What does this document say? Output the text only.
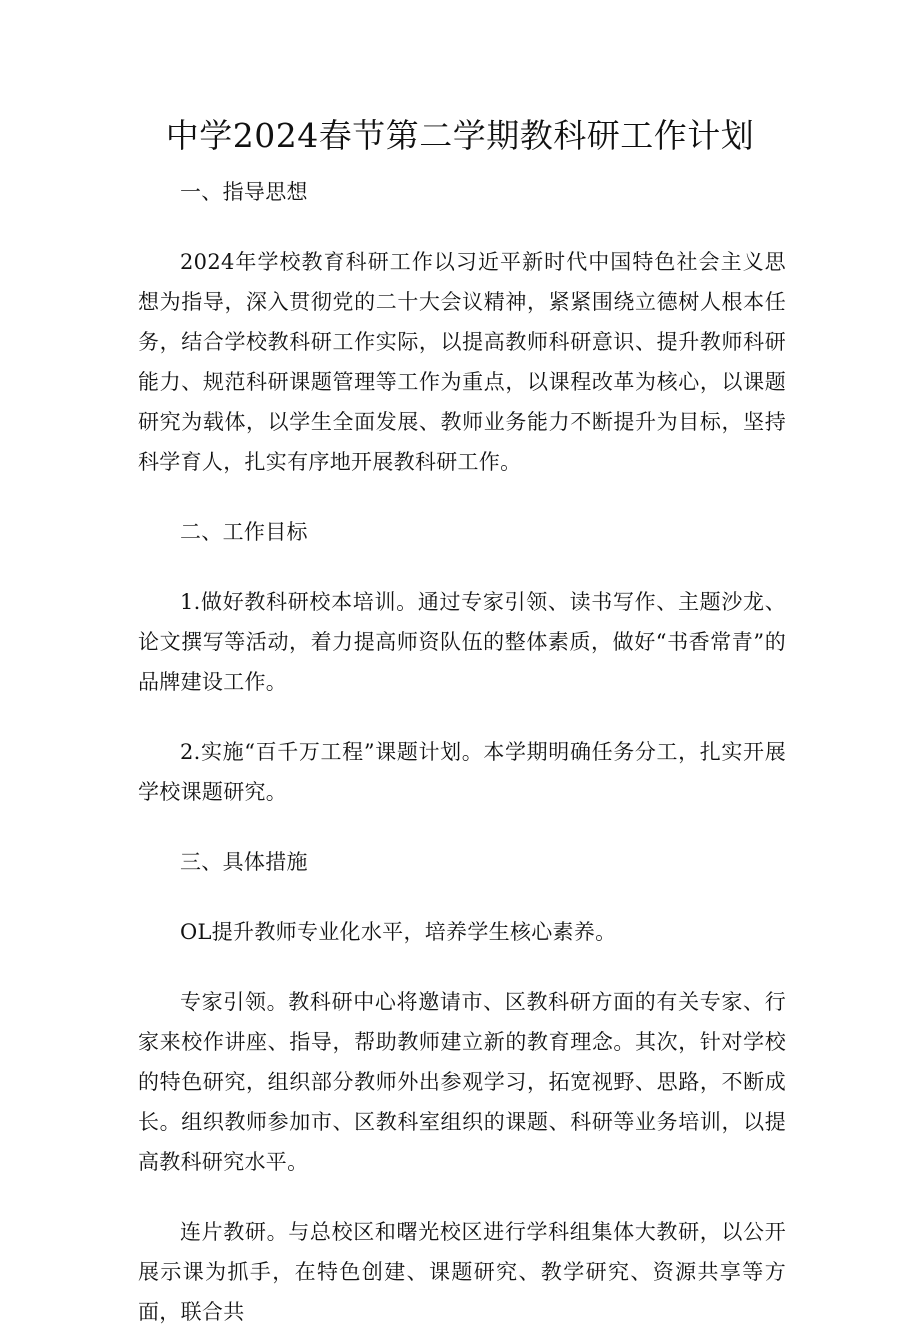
中学2024春节第二学期教科研工作计划

一、指导思想

2024年学校教育科研工作以习近平新时代中国特色社会主义思想为指导，深入贯彻党的二十大会议精神，紧紧围绕立德树人根本任务，结合学校教科研工作实际，以提高教师科研意识、提升教师科研能力、规范科研课题管理等工作为重点，以课程改革为核心，以课题研究为载体，以学生全面发展、教师业务能力不断提升为目标，坚持科学育人，扎实有序地开展教科研工作。

二、工作目标

1.做好教科研校本培训。通过专家引领、读书写作、主题沙龙、论文撰写等活动，着力提高师资队伍的整体素质，做好“书香常青”的品牌建设工作。

2.实施“百千万工程”课题计划。本学期明确任务分工，扎实开展学校课题研究。

三、具体措施

OL提升教师专业化水平，培养学生核心素养。

专家引领。教科研中心将邀请市、区教科研方面的有关专家、行家来校作讲座、指导，帮助教师建立新的教育理念。其次，针对学校的特色研究，组织部分教师外出参观学习，拓宽视野、思路，不断成长。组织教师参加市、区教科室组织的课题、科研等业务培训，以提高教科研究水平。

连片教研。与总校区和曙光校区进行学科组集体大教研，以公开展示课为抓手，在特色创建、课题研究、教学研究、资源共享等方面，联合共
